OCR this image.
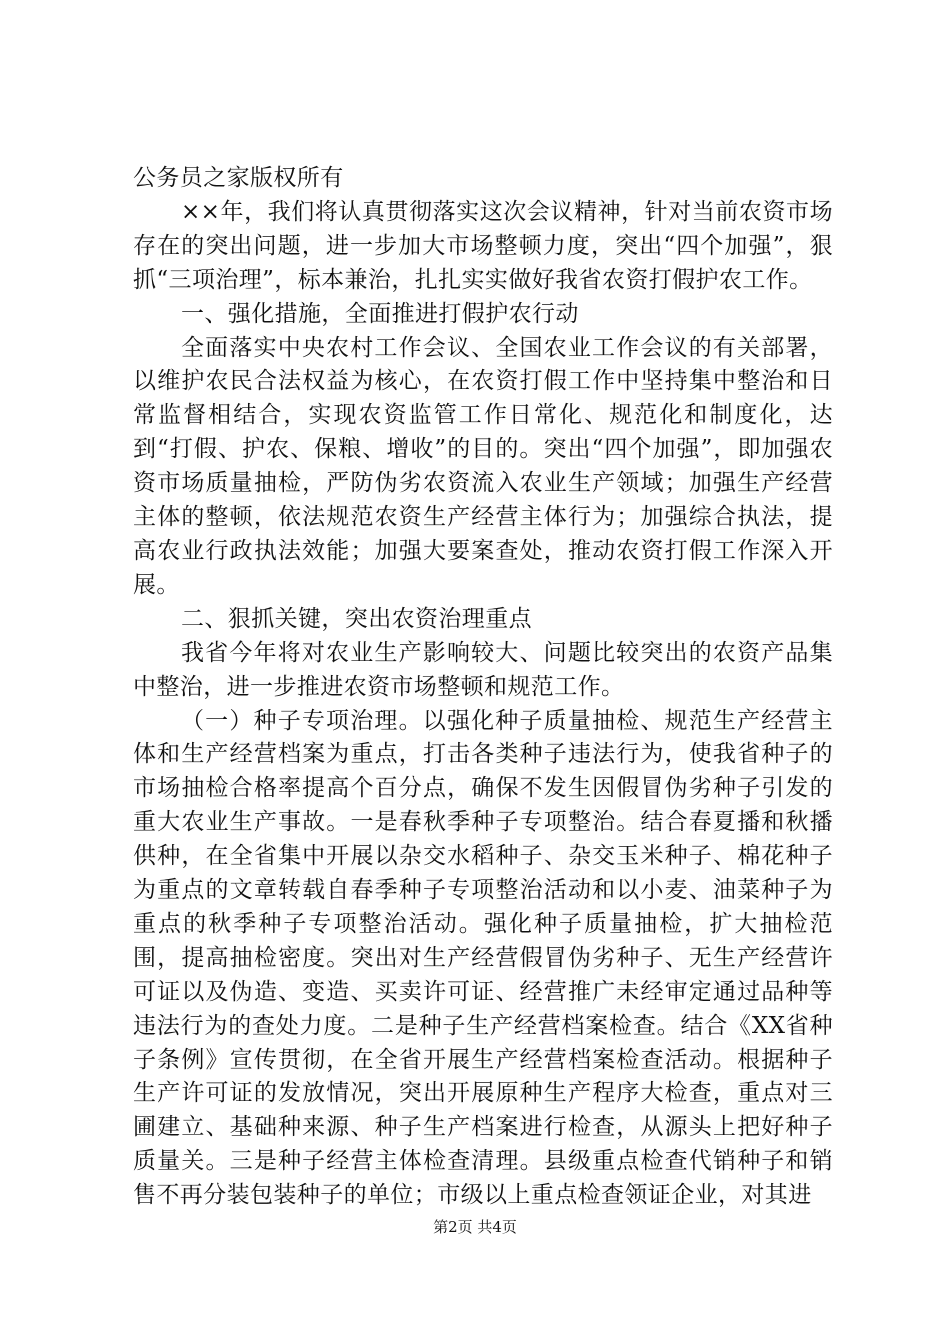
公务员之家版权所有

××年，我们将认真贯彻落实这次会议精神，针对当前农资市场存在的突出问题，进一步加大市场整顿力度，突出“四个加强”，狠抓“三项治理”，标本兼治，扎扎实实做好我省农资打假护农工作。

一、强化措施，全面推进打假护农行动

全面落实中央农村工作会议、全国农业工作会议的有关部署，以维护农民合法权益为核心，在农资打假工作中坚持集中整治和日常监督相结合，实现农资监管工作日常化、规范化和制度化，达到“打假、护农、保粮、增收”的目的。突出“四个加强”，即加强农资市场质量抽检，严防伪劣农资流入农业生产领域；加强生产经营主体的整顿，依法规范农资生产经营主体行为；加强综合执法，提高农业行政执法效能；加强大要案查处，推动农资打假工作深入开展。

二、狠抓关键，突出农资治理重点

我省今年将对农业生产影响较大、问题比较突出的农资产品集中整治，进一步推进农资市场整顿和规范工作。

（一）种子专项治理。以强化种子质量抽检、规范生产经营主体和生产经营档案为重点，打击各类种子违法行为，使我省种子的市场抽检合格率提高个百分点，确保不发生因假冒伪劣种子引发的重大农业生产事故。一是春秋季种子专项整治。结合春夏播和秋播供种，在全省集中开展以杂交水稻种子、杂交玉米种子、棉花种子为重点的文章转载自春季种子专项整治活动和以小麦、油菜种子为重点的秋季种子专项整治活动。强化种子质量抽检，扩大抽检范围，提高抽检密度。突出对生产经营假冒伪劣种子、无生产经营许可证以及伪造、变造、买卖许可证、经营推广未经审定通过品种等违法行为的查处力度。二是种子生产经营档案检查。结合《XX省种子条例》宣传贯彻，在全省开展生产经营档案检查活动。根据种子生产许可证的发放情况，突出开展原种生产程序大检查，重点对三圃建立、基础种来源、种子生产档案进行检查，从源头上把好种子质量关。三是种子经营主体检查清理。县级重点检查代销种子和销售不再分装包装种子的单位；市级以上重点检查领证企业，对其进

第2页 共4页
